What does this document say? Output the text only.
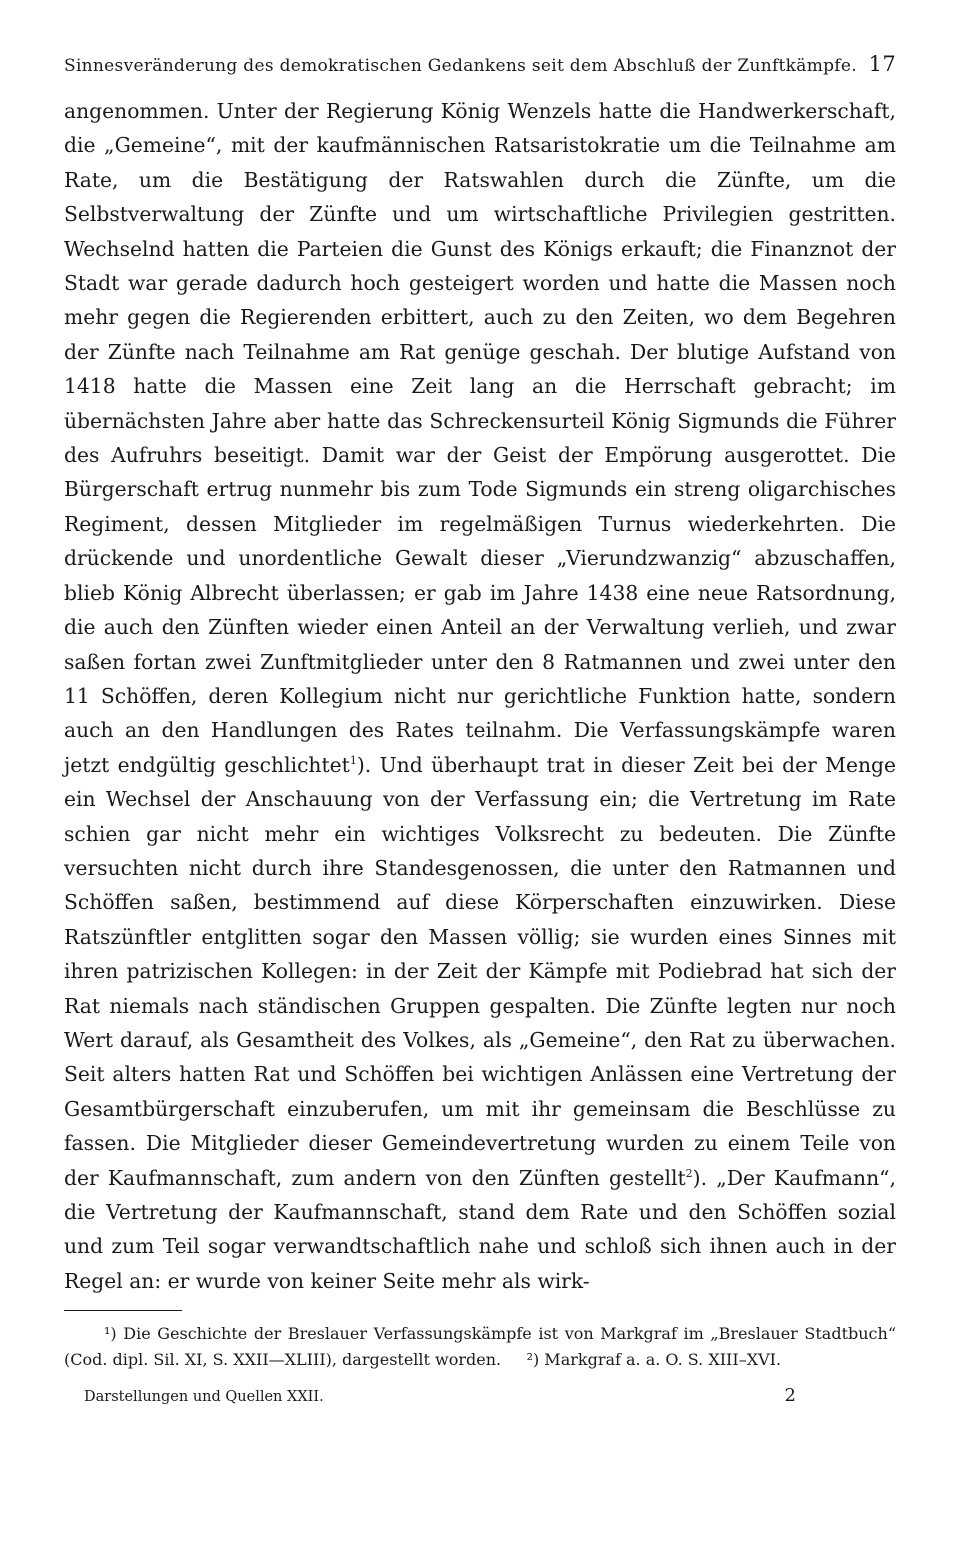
Sinnesveränderung des demokratischen Gedankens seit dem Abschluß der Zunftkämpfe. 17

angenommen. Unter der Regierung König Wenzels hatte die Handwerkerschaft, die „Gemeine“, mit der kaufmännischen Ratsaristokratie um die Teilnahme am Rate, um die Bestätigung der Ratswahlen durch die Zünfte, um die Selbstverwaltung der Zünfte und um wirtschaftliche Privilegien gestritten. Wechselnd hatten die Parteien die Gunst des Königs erkauft; die Finanznot der Stadt war gerade dadurch hoch gesteigert worden und hatte die Massen noch mehr gegen die Regierenden erbittert, auch zu den Zeiten, wo dem Begehren der Zünfte nach Teilnahme am Rat genüge geschah. Der blutige Aufstand von 1418 hatte die Massen eine Zeit lang an die Herrschaft gebracht; im übernächsten Jahre aber hatte das Schreckensurteil König Sigmunds die Führer des Aufruhrs beseitigt. Damit war der Geist der Empörung ausgerottet. Die Bürgerschaft ertrug nunmehr bis zum Tode Sigmunds ein streng oligarchisches Regiment, dessen Mitglieder im regelmäßigen Turnus wiederkehrten. Die drückende und unordentliche Gewalt dieser „Vierundzwanzig“ abzuschaffen, blieb König Albrecht überlassen; er gab im Jahre 1438 eine neue Ratsordnung, die auch den Zünften wieder einen Anteil an der Verwaltung verlieh, und zwar saßen fortan zwei Zunftmitglieder unter den 8 Ratmannen und zwei unter den 11 Schöffen, deren Kollegium nicht nur gerichtliche Funktion hatte, sondern auch an den Handlungen des Rates teilnahm. Die Verfassungskämpfe waren jetzt endgültig geschlichtet$^1$). Und überhaupt trat in dieser Zeit bei der Menge ein Wechsel der Anschauung von der Verfassung ein; die Vertretung im Rate schien gar nicht mehr ein wichtiges Volksrecht zu bedeuten. Die Zünfte versuchten nicht durch ihre Standesgenossen, die unter den Ratmannen und Schöffen saßen, bestimmend auf diese Körperschaften einzuwirken. Diese Ratszünftler entglitten sogar den Massen völlig; sie wurden eines Sinnes mit ihren patrizischen Kollegen: in der Zeit der Kämpfe mit Podiebrad hat sich der Rat niemals nach ständischen Gruppen gespalten. Die Zünfte legten nur noch Wert darauf, als Gesamtheit des Volkes, als „Gemeine“, den Rat zu überwachen. Seit alters hatten Rat und Schöffen bei wichtigen Anlässen eine Vertretung der Gesamtbürgerschaft einzuberufen, um mit ihr gemeinsam die Beschlüsse zu fassen. Die Mitglieder dieser Gemeindevertretung wurden zu einem Teile von der Kaufmannschaft, zum andern von den Zünften gestellt$^2$). „Der Kaufmann“, die Vertretung der Kaufmannschaft, stand dem Rate und den Schöffen sozial und zum Teil sogar verwandtschaftlich nahe und schloß sich ihnen auch in der Regel an: er wurde von keiner Seite mehr als wirk-

¹) Die Geschichte der Breslauer Verfassungskämpfe ist von Markgraf im „Breslauer Stadtbuch“ (Cod. dipl. Sil. XI, S. XXII—XLIII), dargestellt worden. ²) Markgraf a. a. O. S. XIII–XVI.

Darstellungen und Quellen XXII.	2
